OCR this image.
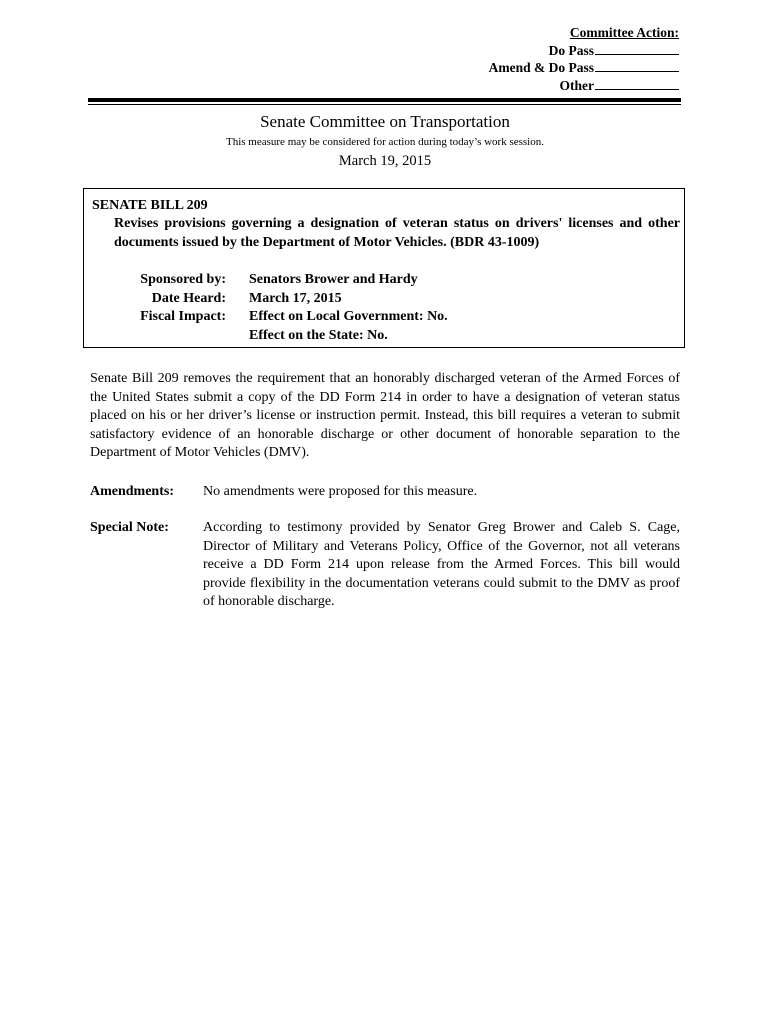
Committee Action:
Do Pass
Amend & Do Pass
Other
Senate Committee on Transportation
This measure may be considered for action during today’s work session.
March 19, 2015
SENATE BILL 209
Revises provisions governing a designation of veteran status on drivers' licenses and other documents issued by the Department of Motor Vehicles. (BDR 43-1009)
Sponsored by: Senators Brower and Hardy
Date Heard: March 17, 2015
Fiscal Impact: Effect on Local Government: No.
Effect on the State: No.
Senate Bill 209 removes the requirement that an honorably discharged veteran of the Armed Forces of the United States submit a copy of the DD Form 214 in order to have a designation of veteran status placed on his or her driver’s license or instruction permit. Instead, this bill requires a veteran to submit satisfactory evidence of an honorable discharge or other document of honorable separation to the Department of Motor Vehicles (DMV).
Amendments: No amendments were proposed for this measure.
Special Note: According to testimony provided by Senator Greg Brower and Caleb S. Cage, Director of Military and Veterans Policy, Office of the Governor, not all veterans receive a DD Form 214 upon release from the Armed Forces. This bill would provide flexibility in the documentation veterans could submit to the DMV as proof of honorable discharge.
